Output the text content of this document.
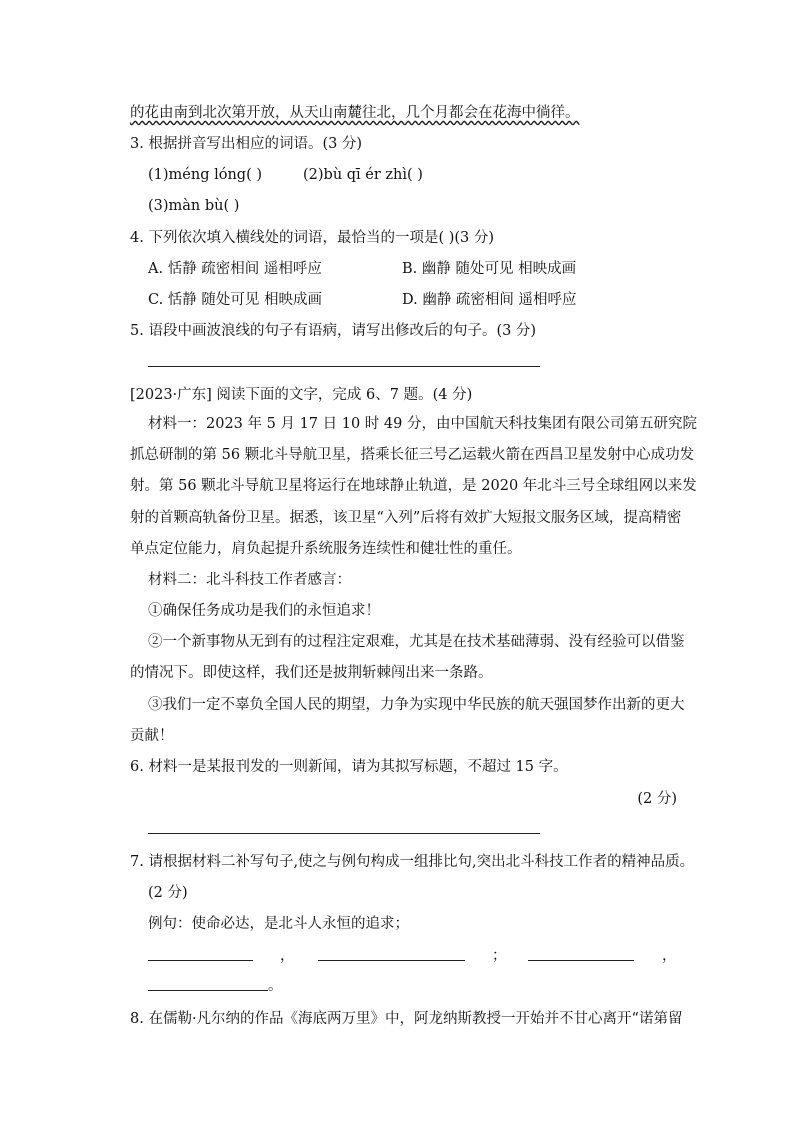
的花由南到北次第开放，从天山南麓往北，几个月都会在花海中徜徉。
3. 根据拼音写出相应的词语。(3 分)
(1)méng lóng( )	(2)bù qī ér zhì( )
(3)màn bù( )
4. 下列依次填入横线处的词语，最恰当的一项是( )(3 分)
A. 恬静 疏密相间 遥相呼应	B. 幽静 随处可见 相映成画
C. 恬静 随处可见 相映成画	D. 幽静 疏密相间 遥相呼应
5. 语段中画波浪线的句子有语病，请写出修改后的句子。(3 分)
[2023·广东] 阅读下面的文字，完成 6、7 题。(4 分)
材料一：2023 年 5 月 17 日 10 时 49 分，由中国航天科技集团有限公司第五研究院
抓总研制的第 56 颗北斗导航卫星，搭乘长征三号乙运载火箭在西昌卫星发射中心成功发
射。第 56 颗北斗导航卫星将运行在地球静止轨道，是 2020 年北斗三号全球组网以来发
射的首颗高轨备份卫星。据悉，该卫星“入列”后将有效扩大短报文服务区域，提高精密
单点定位能力，肩负起提升系统服务连续性和健壮性的重任。
材料二：北斗科技工作者感言：
①确保任务成功是我们的永恒追求！
②一个新事物从无到有的过程注定艰难，尤其是在技术基础薄弱、没有经验可以借鉴
的情况下。即使这样，我们还是披荆斩棘闯出来一条路。
③我们一定不辜负全国人民的期望，力争为实现中华民族的航天强国梦作出新的更大
贡献！
6. 材料一是某报刊发的一则新闻，请为其拟写标题，不超过 15 字。
(2 分)
7. 请根据材料二补写句子,使之与例句构成一组排比句,突出北斗科技工作者的精神品质。
(2 分)
例句：使命必达，是北斗人永恒的追求；
，	；	，
。
8. 在儒勒·凡尔纳的作品《海底两万里》中，阿龙纳斯教授一开始并不甘心离开“诺第留
